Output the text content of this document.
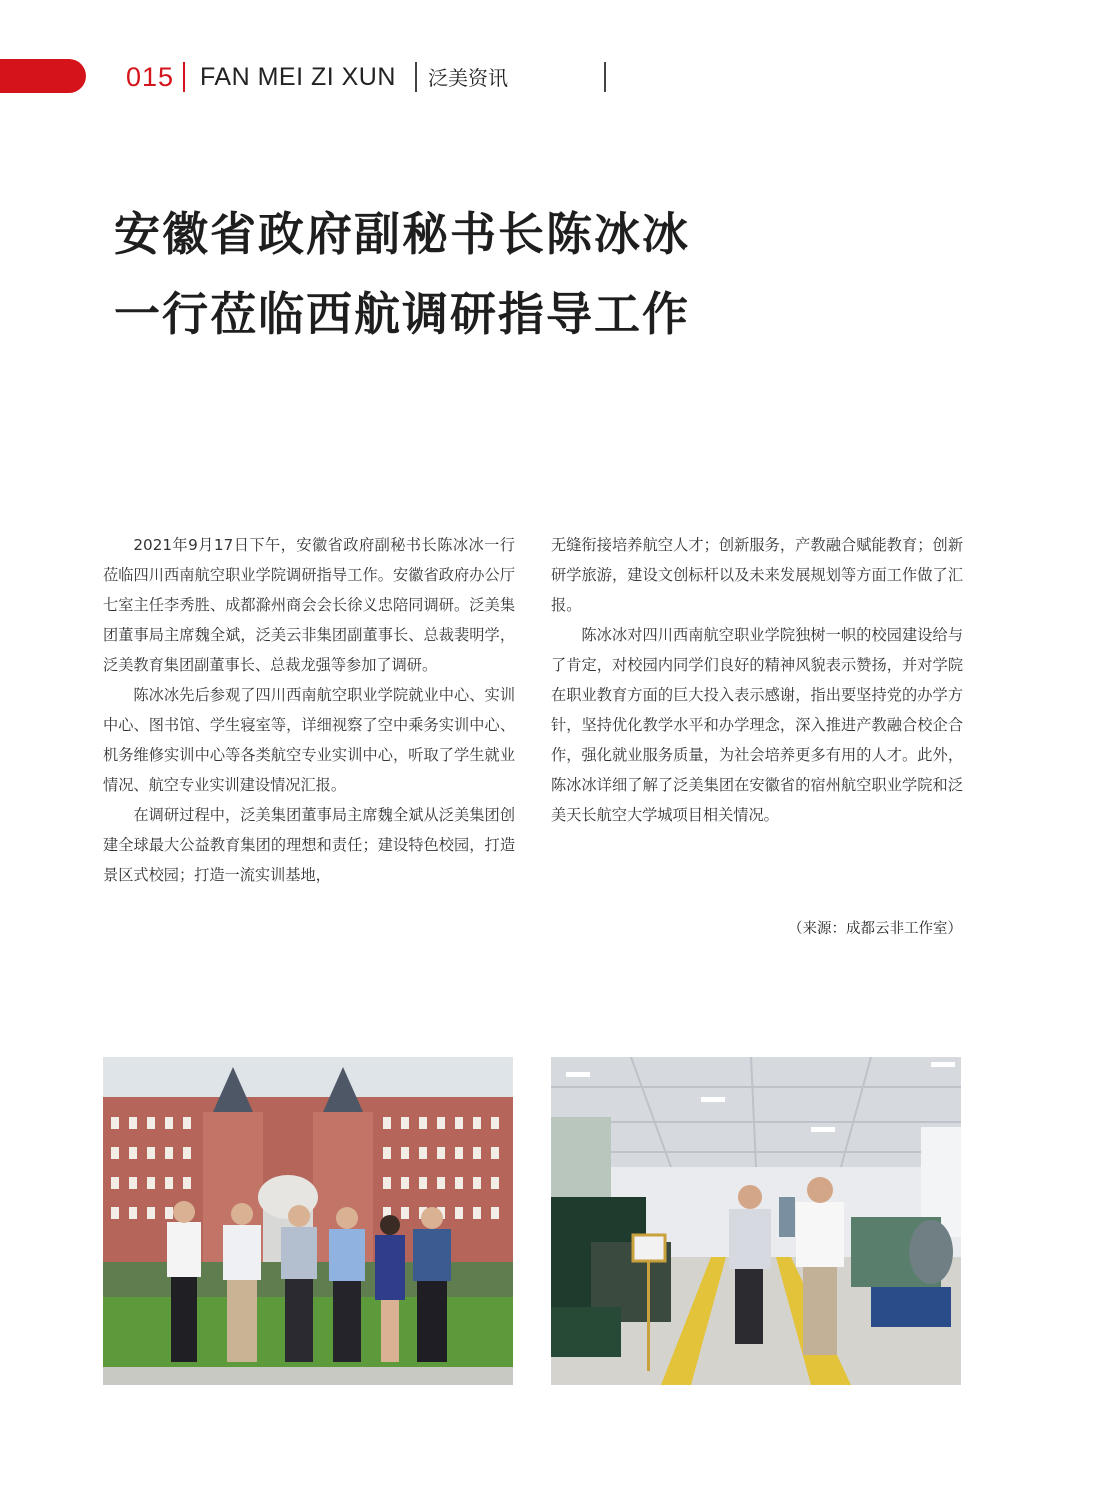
015 FAN MEI ZI XUN 泛美资讯
安徽省政府副秘书长陈冰冰
一行莅临西航调研指导工作

2021年9月17日下午，安徽省政府副秘书长陈冰冰一行莅临四川西南航空职业学院调研指导工作。安徽省政府办公厅七室主任李秀胜、成都滁州商会会长徐义忠陪同调研。泛美集团董事局主席魏全斌，泛美云非集团副董事长、总裁裴明学，泛美教育集团副董事长、总裁龙强等参加了调研。

陈冰冰先后参观了四川西南航空职业学院就业中心、实训中心、图书馆、学生寝室等，详细视察了空中乘务实训中心、机务维修实训中心等各类航空专业实训中心，听取了学生就业情况、航空专业实训建设情况汇报。

在调研过程中，泛美集团董事局主席魏全斌从泛美集团创建全球最大公益教育集团的理想和责任；建设特色校园，打造景区式校园；打造一流实训基地，

无缝衔接培养航空人才；创新服务，产教融合赋能教育；创新研学旅游，建设文创标杆以及未来发展规划等方面工作做了汇报。

陈冰冰对四川西南航空职业学院独树一帜的校园建设给与了肯定，对校园内同学们良好的精神风貌表示赞扬，并对学院在职业教育方面的巨大投入表示感谢，指出要坚持党的办学方针，坚持优化教学水平和办学理念，深入推进产教融合校企合作，强化就业服务质量，为社会培养更多有用的人才。此外，陈冰冰详细了解了泛美集团在安徽省的宿州航空职业学院和泛美天长航空大学城项目相关情况。

（来源：成都云非工作室）
